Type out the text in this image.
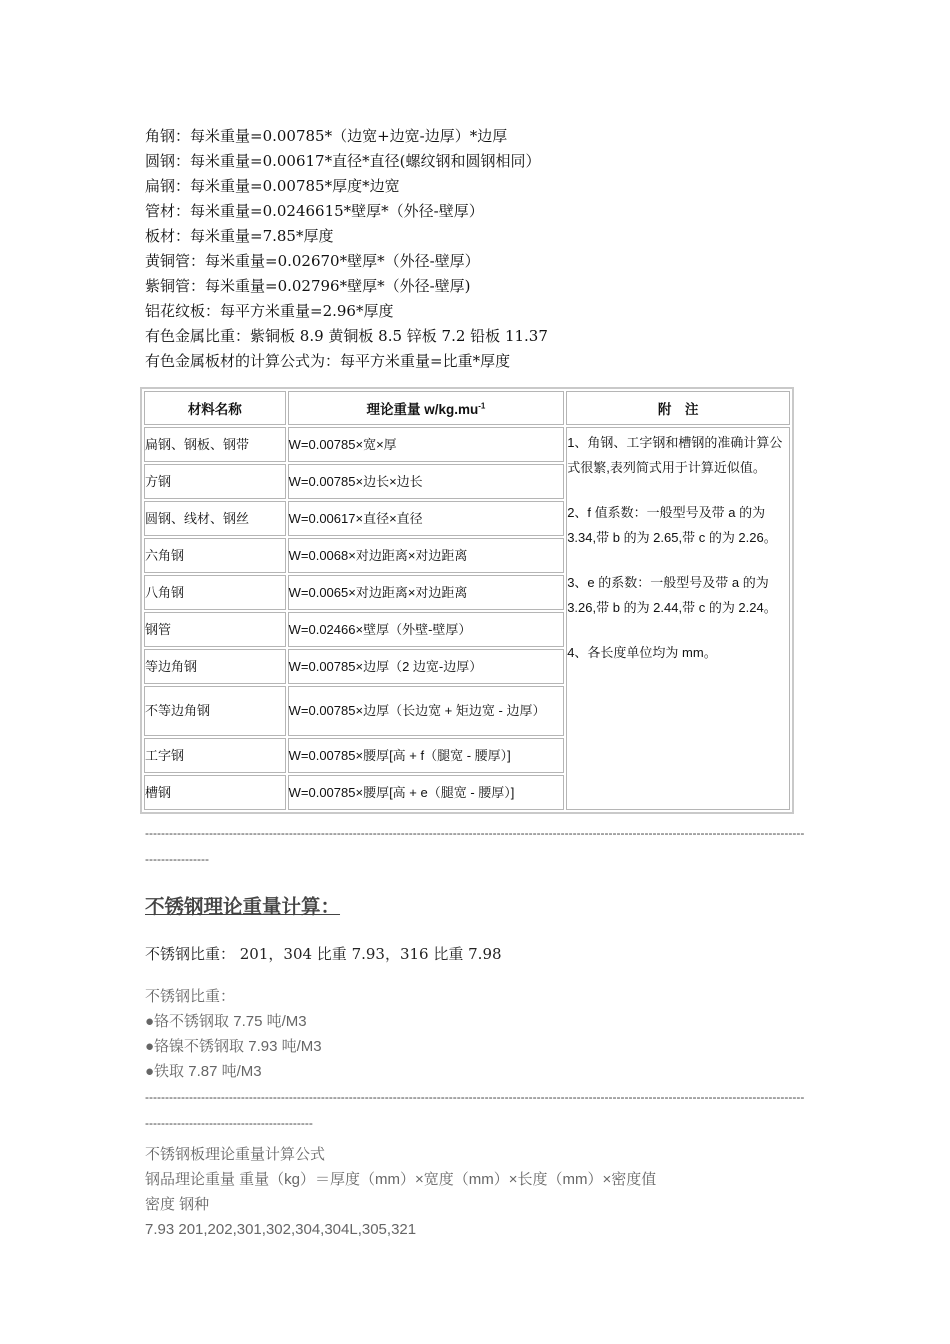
角钢：每米重量=0.00785*（边宽+边宽-边厚）*边厚
圆钢：每米重量=0.00617*直径*直径(螺纹钢和圆钢相同）
扁钢：每米重量=0.00785*厚度*边宽
管材：每米重量=0.0246615*壁厚*（外径-壁厚）
板材：每米重量=7.85*厚度
黄铜管：每米重量=0.02670*壁厚*（外径-壁厚）
紫铜管：每米重量=0.02796*壁厚*（外径-壁厚)
铝花纹板：每平方米重量=2.96*厚度
有色金属比重：紫铜板 8.9 黄铜板 8.5 锌板 7.2 铅板 11.37
有色金属板材的计算公式为：每平方米重量=比重*厚度
材料名称	理论重量 $w/kg.mu^{-1}$	附　注
扁钢、钢板、钢带	W=0.00785×宽×厚	1、角钢、工字钢和槽钢的准确计算公式很繁,表列简式用于计算近似值。

2、f 值系数：一般型号及带 a 的为 3.34,带 b 的为 2.65,带 c 的为 2.26。

3、e 的系数：一般型号及带 a 的为 3.26,带 b 的为 2.44,带 c 的为 2.24。

4、各长度单位均为 mm。

方钢	W=0.00785×边长×边长	
圆钢、线材、钢丝	W=0.00617×直径×直径	
六角钢	W=0.0068×对边距离×对边距离	
八角钢	W=0.0065×对边距离×对边距离	
钢管	W=0.02466×壁厚（外壁-壁厚）	
等边角钢	W=0.00785×边厚（2 边宽-边厚）	
不等边角钢	W=0.00785×边厚（长边宽 + 矩边宽 - 边厚）	
工字钢	W=0.00785×腰厚[高 + f（腿宽 - 腰厚）]	
槽钢	W=0.00785×腰厚[高 + e（腿宽 - 腰厚）]	
-------------------------------------------------------------------------------------------------------------------------------------------------------------------------------------
不锈钢理论重量计算：
不锈钢比重： 201，304 比重 7.93，316 比重 7.98
不锈钢比重：
●铬不锈钢取 7.75 吨/M3
●铬镍不锈钢取 7.93 吨/M3
●铁取 7.87 吨/M3
---------------------------------------------------------------------------------------------------------------------------------------------------------------------------------------------------------------
不锈钢板理论重量计算公式
钢品理论重量 重量（kg）＝厚度（mm）×宽度（mm）×长度（mm）×密度值
密度 钢种
7.93 201,202,301,302,304,304L,305,321
